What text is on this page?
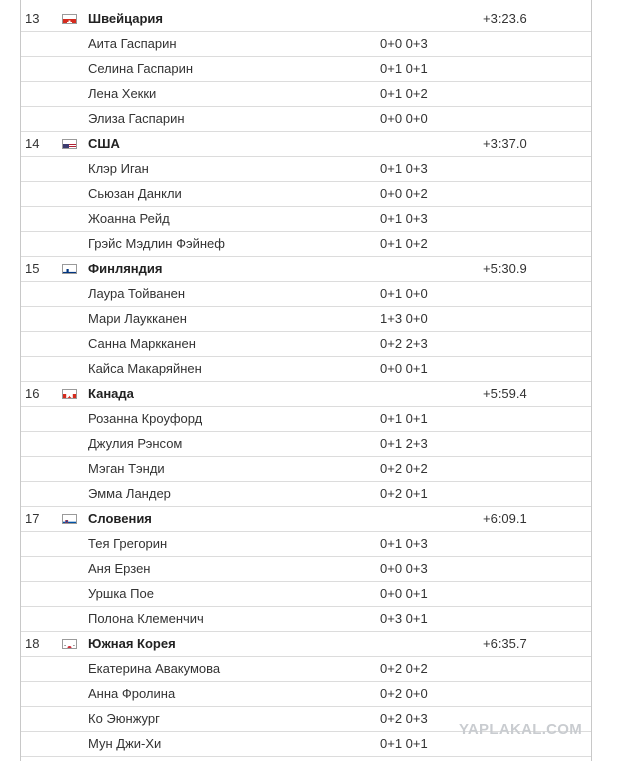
13	Швейцария	+3:23.6
Аита Гаспарин	0+0 0+3
Селина Гаспарин	0+1 0+1
Лена Хекки	0+1 0+2
Элиза Гаспарин	0+0 0+0
14	США	+3:37.0
Клэр Иган	0+1 0+3
Сьюзан Данкли	0+0 0+2
Жоанна Рейд	0+1 0+3
Грэйс Мэдлин Фэйнеф	0+1 0+2
15	Финляндия	+5:30.9
Лаура Тойванен	0+1 0+0
Мари Лаукканен	1+3 0+0
Санна Маркканен	0+2 2+3
Кайса Макаряйнен	0+0 0+1
16	Канада	+5:59.4
Розанна Кроуфорд	0+1 0+1
Джулия Рэнсом	0+1 2+3
Мэган Тэнди	0+2 0+2
Эмма Ландер	0+2 0+1
17	Словения	+6:09.1
Тея Грегорин	0+1 0+3
Аня Ерзен	0+0 0+3
Уршка Пое	0+0 0+1
Полона Клеменчич	0+3 0+1
18	Южная Корея	+6:35.7
Екатерина Авакумова	0+2 0+2
Анна Фролина	0+2 0+0
Ко Эюнжург	0+2 0+3
Мун Джи-Хи	0+1 0+1
YAPLAKAL.COM
